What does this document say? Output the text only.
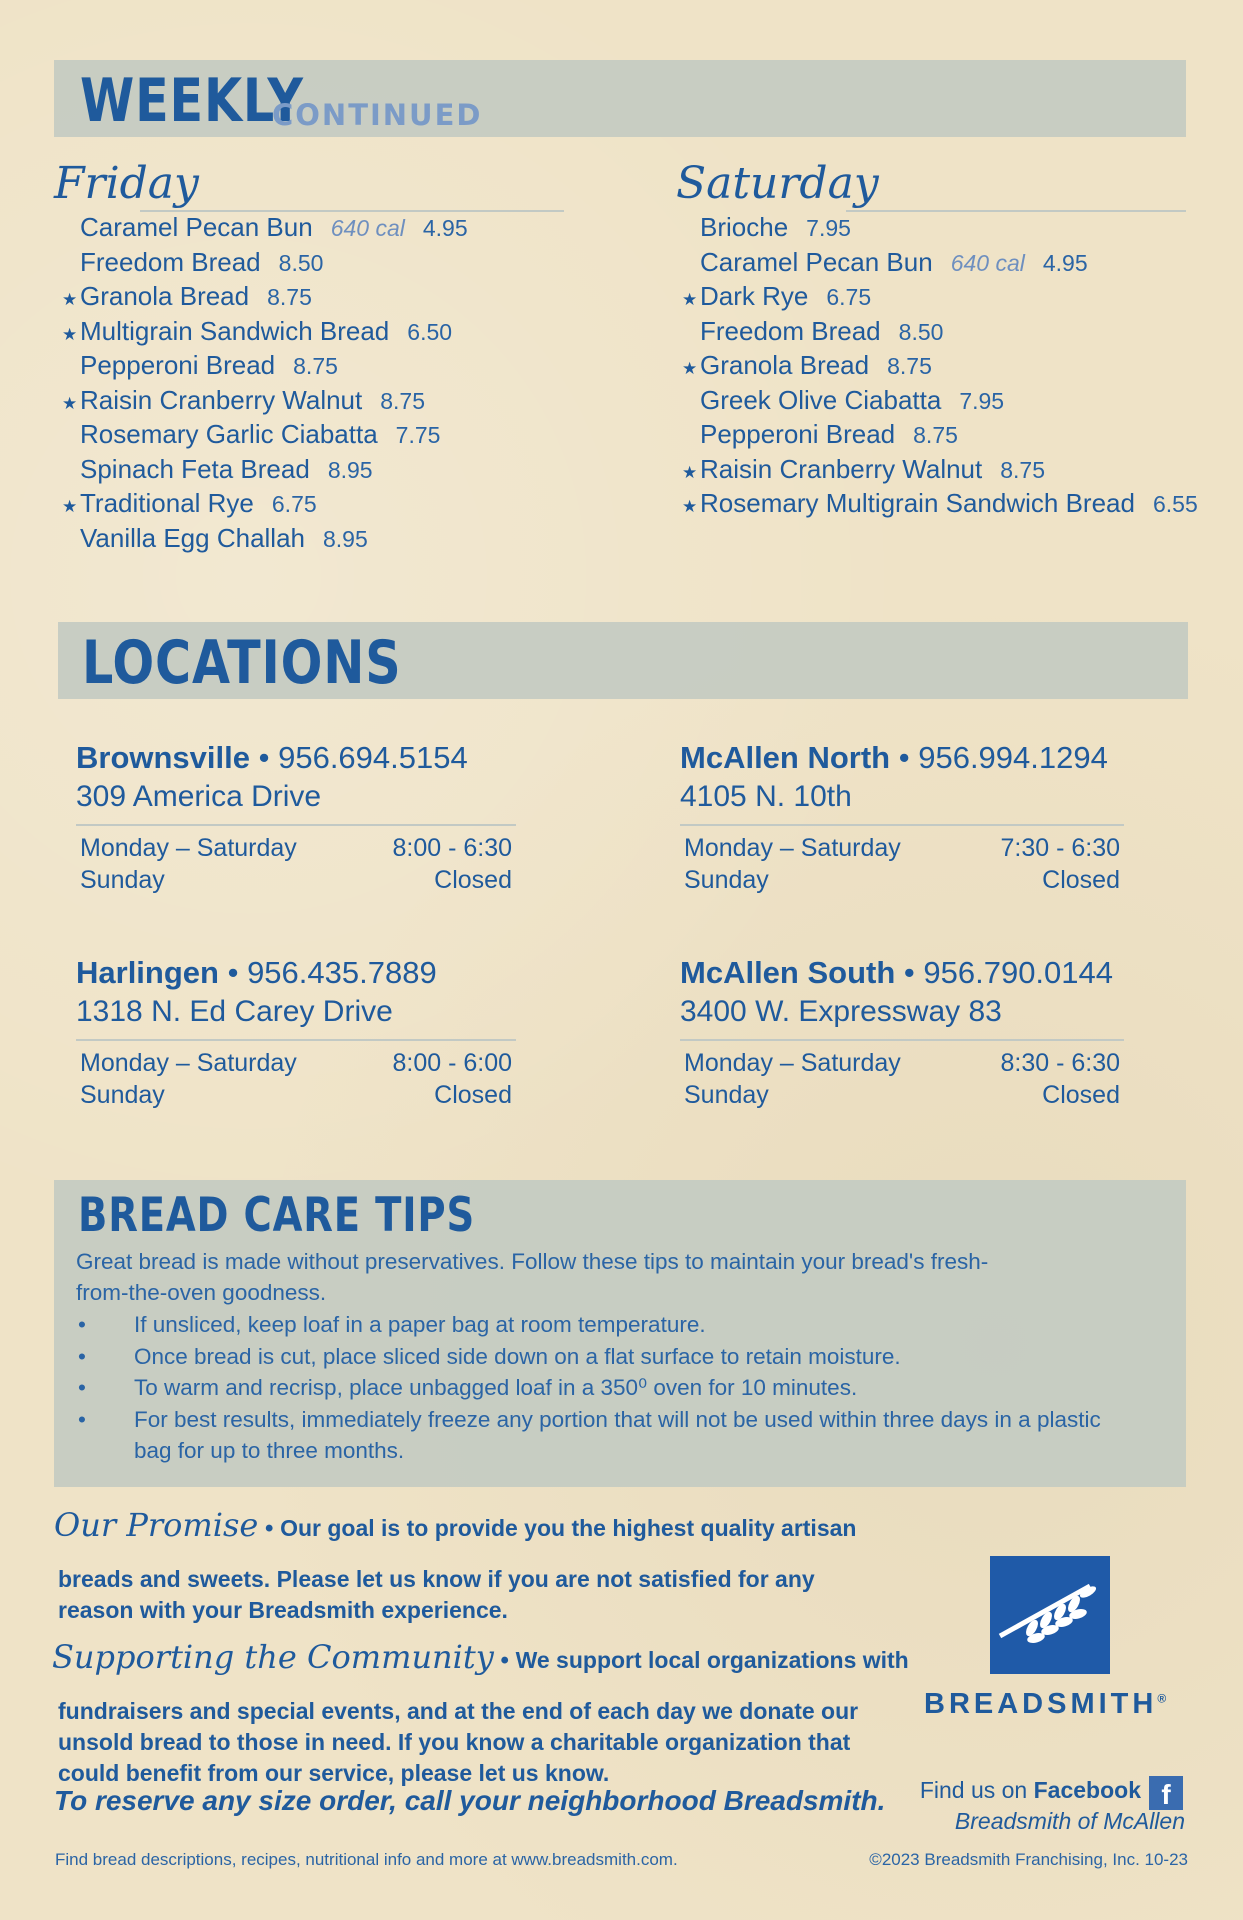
WEEKLY
CONTINUED
Friday
Caramel Pecan Bun 640 cal 4.95
Freedom Bread 8.50
★ Granola Bread 8.75
★ Multigrain Sandwich Bread 6.50
Pepperoni Bread 8.75
★ Raisin Cranberry Walnut 8.75
Rosemary Garlic Ciabatta 7.75
Spinach Feta Bread 8.95
★ Traditional Rye 6.75
Vanilla Egg Challah 8.95
Saturday
Brioche 7.95
Caramel Pecan Bun 640 cal 4.95
★ Dark Rye 6.75
Freedom Bread 8.50
★ Granola Bread 8.75
Greek Olive Ciabatta 7.95
Pepperoni Bread 8.75
★ Raisin Cranberry Walnut 8.75
★ Rosemary Multigrain Sandwich Bread 6.55
LOCATIONS
Brownsville • 956.694.5154
309 America Drive
Monday – Saturday	8:00 - 6:30
Sunday	Closed
McAllen North • 956.994.1294
4105 N. 10th
Monday – Saturday	7:30 - 6:30
Sunday	Closed
Harlingen • 956.435.7889
1318 N. Ed Carey Drive
Monday – Saturday	8:00 - 6:00
Sunday	Closed
McAllen South • 956.790.0144
3400 W. Expressway 83
Monday – Saturday	8:30 - 6:30
Sunday	Closed
BREAD CARE TIPS
Great bread is made without preservatives. Follow these tips to maintain your bread's fresh-from-the-oven goodness.
• If unsliced, keep loaf in a paper bag at room temperature.
• Once bread is cut, place sliced side down on a flat surface to retain moisture.
• To warm and recrisp, place unbagged loaf in a 350⁰ oven for 10 minutes.
• For best results, immediately freeze any portion that will not be used within three days in a plastic bag for up to three months.
Our Promise • Our goal is to provide you the highest quality artisan
breads and sweets. Please let us know if you are not satisfied for any reason with your Breadsmith experience.
Supporting the Community • We support local organizations with
fundraisers and special events, and at the end of each day we donate our unsold bread to those in need. If you know a charitable organization that could benefit from our service, please let us know.
To reserve any size order, call your neighborhood Breadsmith.
BREADSMITH®
Find us on Facebook f
Breadsmith of McAllen
Find bread descriptions, recipes, nutritional info and more at www.breadsmith.com.	©2023 Breadsmith Franchising, Inc. 10-23
